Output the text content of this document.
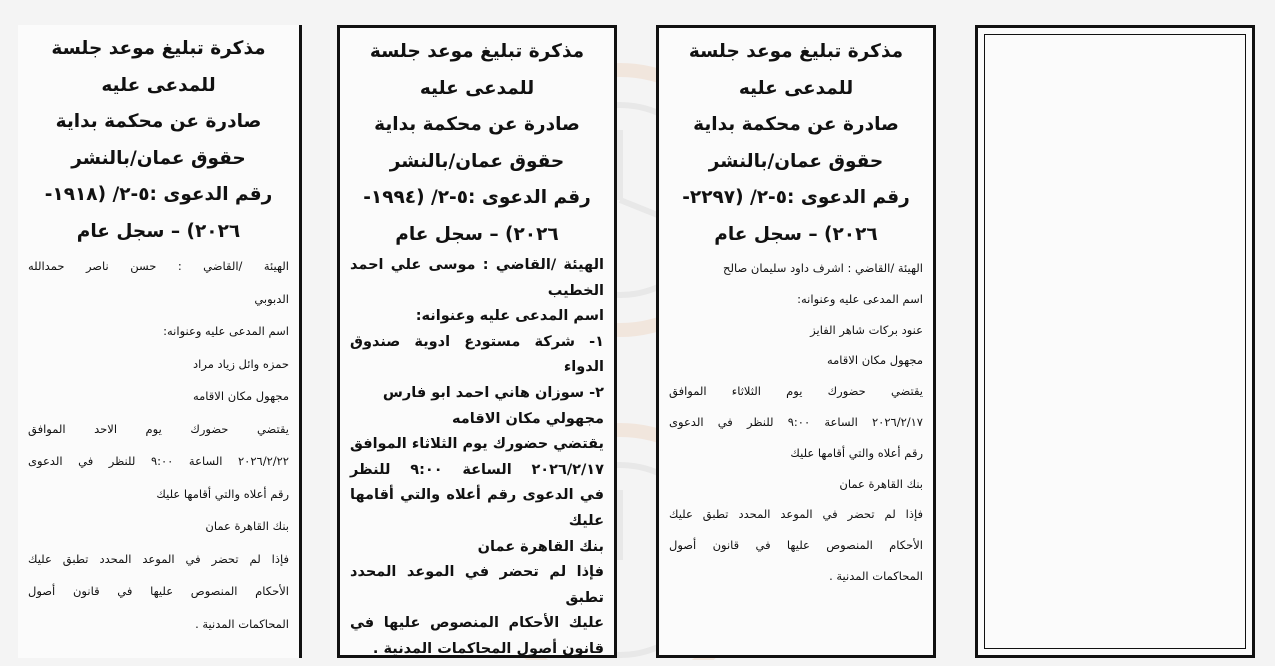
مذكرة تبليغ موعد جلسة
للمدعى عليه
صادرة عن محكمة بداية
حقوق عمان/بالنشر
رقم الدعوى :٥-٢/ (١٩١٨-
٢٠٢٦) – سجل عام
الهيئة /القاضي : حسن ناصر حمدالله
الدبوبي
اسم المدعى عليه وعنوانه:
حمزه وائل زياد مراد
مجهول مكان الاقامه
يقتضي حضورك يوم الاحد الموافق
٢٠٢٦/٢/٢٢ الساعة ٩:٠٠ للنظر في الدعوى
رقم أعلاه والتي أقامها عليك
بنك القاهرة عمان
فإذا لم تحضر في الموعد المحدد تطبق عليك
الأحكام المنصوص عليها في قانون أصول
المحاكمات المدنية .
مذكرة تبليغ موعد جلسة
للمدعى عليه
صادرة عن محكمة بداية
حقوق عمان/بالنشر
رقم الدعوى :٥-٢/ (١٩٩٤-
٢٠٢٦) – سجل عام
الهيئة /القاضي : موسى علي احمد
الخطيب
اسم المدعى عليه وعنوانه:
١- شركة مستودع ادوية صندوق
الدواء
٢- سوزان هاني احمد ابو فارس
مجهولي مكان الاقامه
يقتضي حضورك يوم الثلاثاء الموافق
٢٠٢٦/٢/١٧ الساعة ٩:٠٠ للنظر
في الدعوى رقم أعلاه والتي أقامها
عليك
بنك القاهرة عمان
فإذا لم تحضر في الموعد المحدد تطبق
عليك الأحكام المنصوص عليها في
قانون أصول المحاكمات المدنية .
مذكرة تبليغ موعد جلسة
للمدعى عليه
صادرة عن محكمة بداية
حقوق عمان/بالنشر
رقم الدعوى :٥-٢/ (٢٢٩٧-
٢٠٢٦) – سجل عام
الهيئة /القاضي : اشرف داود سليمان صالح
اسم المدعى عليه وعنوانه:
عنود بركات شاهر الفايز
مجهول مكان الاقامه
يقتضي حضورك يوم الثلاثاء الموافق
٢٠٢٦/٢/١٧ الساعة ٩:٠٠ للنظر في الدعوى
رقم أعلاه والتي أقامها عليك
بنك القاهرة عمان
فإذا لم تحضر في الموعد المحدد تطبق عليك
الأحكام المنصوص عليها في قانون أصول
المحاكمات المدنية .
